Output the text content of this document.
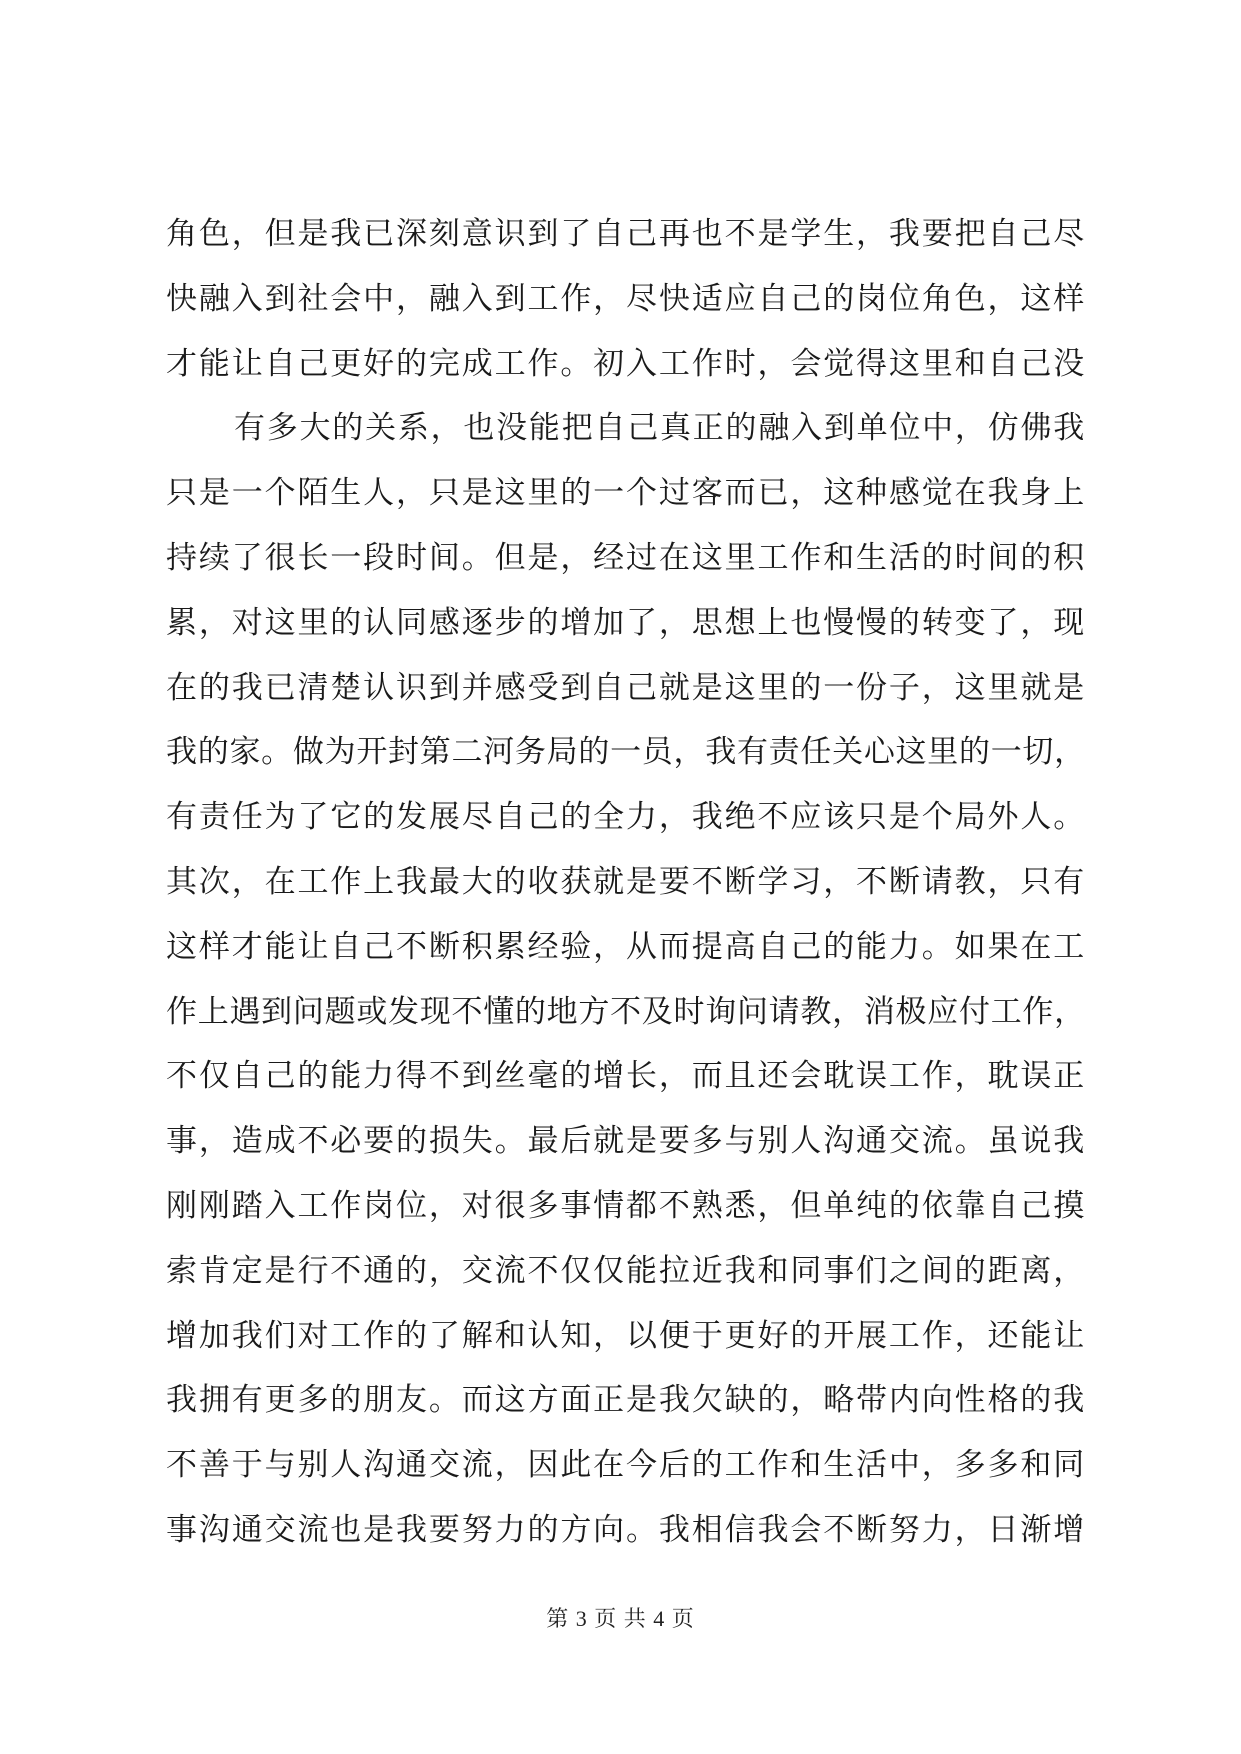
角色，但是我已深刻意识到了自己再也不是学生，我要把自己尽
快融入到社会中，融入到工作，尽快适应自己的岗位角色，这样
才能让自己更好的完成工作。初入工作时，会觉得这里和自己没
有多大的关系，也没能把自己真正的融入到单位中，仿佛我
只是一个陌生人，只是这里的一个过客而已，这种感觉在我身上
持续了很长一段时间。但是，经过在这里工作和生活的时间的积
累，对这里的认同感逐步的增加了，思想上也慢慢的转变了，现
在的我已清楚认识到并感受到自己就是这里的一份子，这里就是
我的家。做为开封第二河务局的一员，我有责任关心这里的一切，
有责任为了它的发展尽自己的全力，我绝不应该只是个局外人。
其次，在工作上我最大的收获就是要不断学习，不断请教，只有
这样才能让自己不断积累经验，从而提高自己的能力。如果在工
作上遇到问题或发现不懂的地方不及时询问请教，消极应付工作，
不仅自己的能力得不到丝毫的增长，而且还会耽误工作，耽误正
事，造成不必要的损失。最后就是要多与别人沟通交流。虽说我
刚刚踏入工作岗位，对很多事情都不熟悉，但单纯的依靠自己摸
索肯定是行不通的，交流不仅仅能拉近我和同事们之间的距离，
增加我们对工作的了解和认知，以便于更好的开展工作，还能让
我拥有更多的朋友。而这方面正是我欠缺的，略带内向性格的我
不善于与别人沟通交流，因此在今后的工作和生活中，多多和同
事沟通交流也是我要努力的方向。我相信我会不断努力，日渐增
第 3 页 共 4 页
